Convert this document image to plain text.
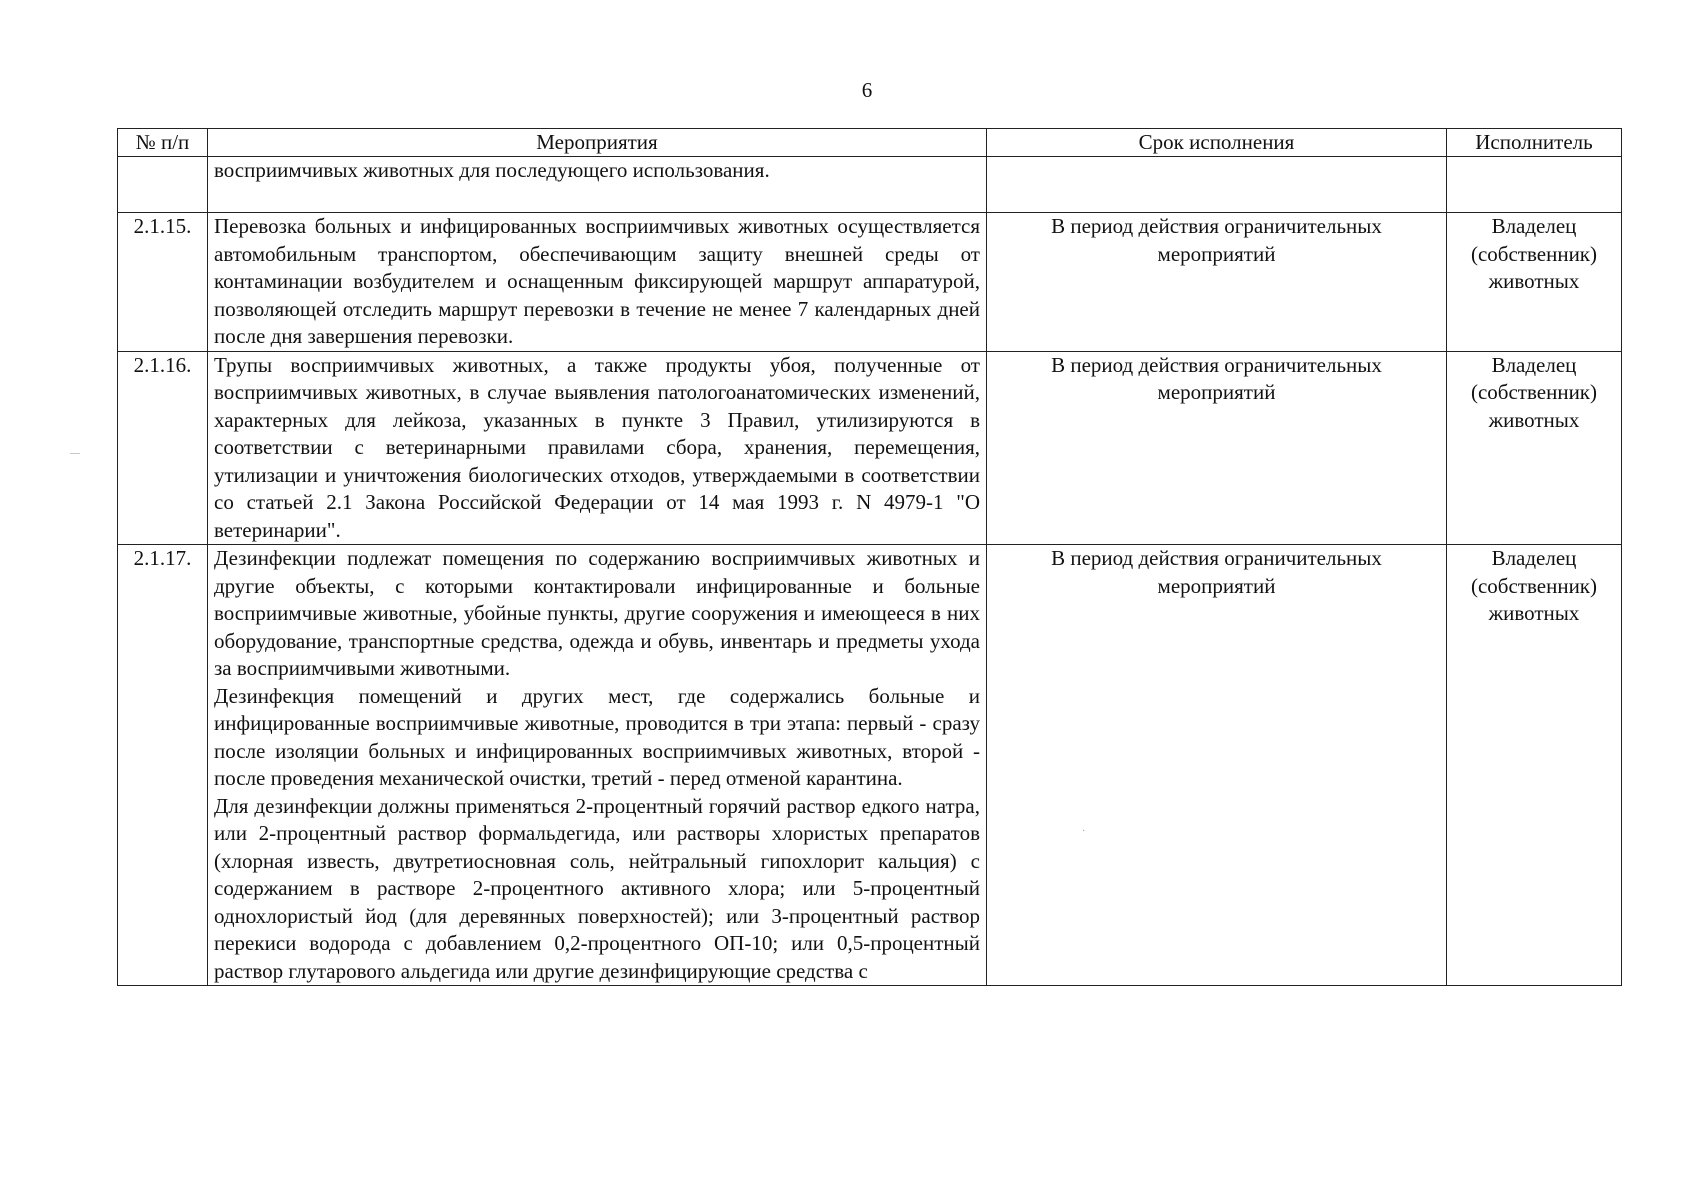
6
—
·
№ п/п	Мероприятия	Срок исполнения	Исполнитель

	восприимчивых животных для последующего использования.		

2.1.15.	Перевозка больных и инфицированных восприимчивых животных осуществляется автомобильным транспортом, обеспечивающим защиту внешней среды от контаминации возбудителем и оснащенным фиксирующей маршрут аппаратурой, позволяющей отследить маршрут перевозки в течение не менее 7 календарных дней после дня завершения перевозки.	В период действия ограничительных мероприятий	Владелец (собственник) животных
2.1.16.	Трупы восприимчивых животных, а также продукты убоя, полученные от восприимчивых животных, в случае выявления патологоанатомических изменений, характерных для лейкоза, указанных в пункте 3 Правил, утилизируются в соответствии с ветеринарными правилами сбора, хранения, перемещения, утилизации и уничтожения биологических отходов, утверждаемыми в соответствии со статьей 2.1 Закона Российской Федерации от 14 мая 1993 г. N 4979-1 "О ветеринарии".	В период действия ограничительных мероприятий	Владелец (собственник) животных
2.1.17.	Дезинфекции подлежат помещения по содержанию восприимчивых животных и другие объекты, с которыми контактировали инфицированные и больные восприимчивые животные, убойные пункты, другие сооружения и имеющееся в них оборудование, транспортные средства, одежда и обувь, инвентарь и предметы ухода за восприимчивыми животными.

Дезинфекция помещений и других мест, где содержались больные и инфицированные восприимчивые животные, проводится в три этапа: первый - сразу после изоляции больных и инфицированных восприимчивых животных, второй - после проведения механической очистки, третий - перед отменой карантина.

Для дезинфекции должны применяться 2-процентный горячий раствор едкого натра, или 2-процентный раствор формальдегида, или растворы хлористых препаратов (хлорная известь, двутретиосновная соль, нейтральный гипохлорит кальция) с содержанием в растворе 2-процентного активного хлора; или 5-процентный однохлористый йод (для деревянных поверхностей); или 3-процентный раствор перекиси водорода с добавлением 0,2-процентного ОП-10; или 0,5-процентный раствор глутарового альдегида или другие дезинфицирующие средства с	В период действия ограничительных мероприятий	Владелец (собственник) животных
